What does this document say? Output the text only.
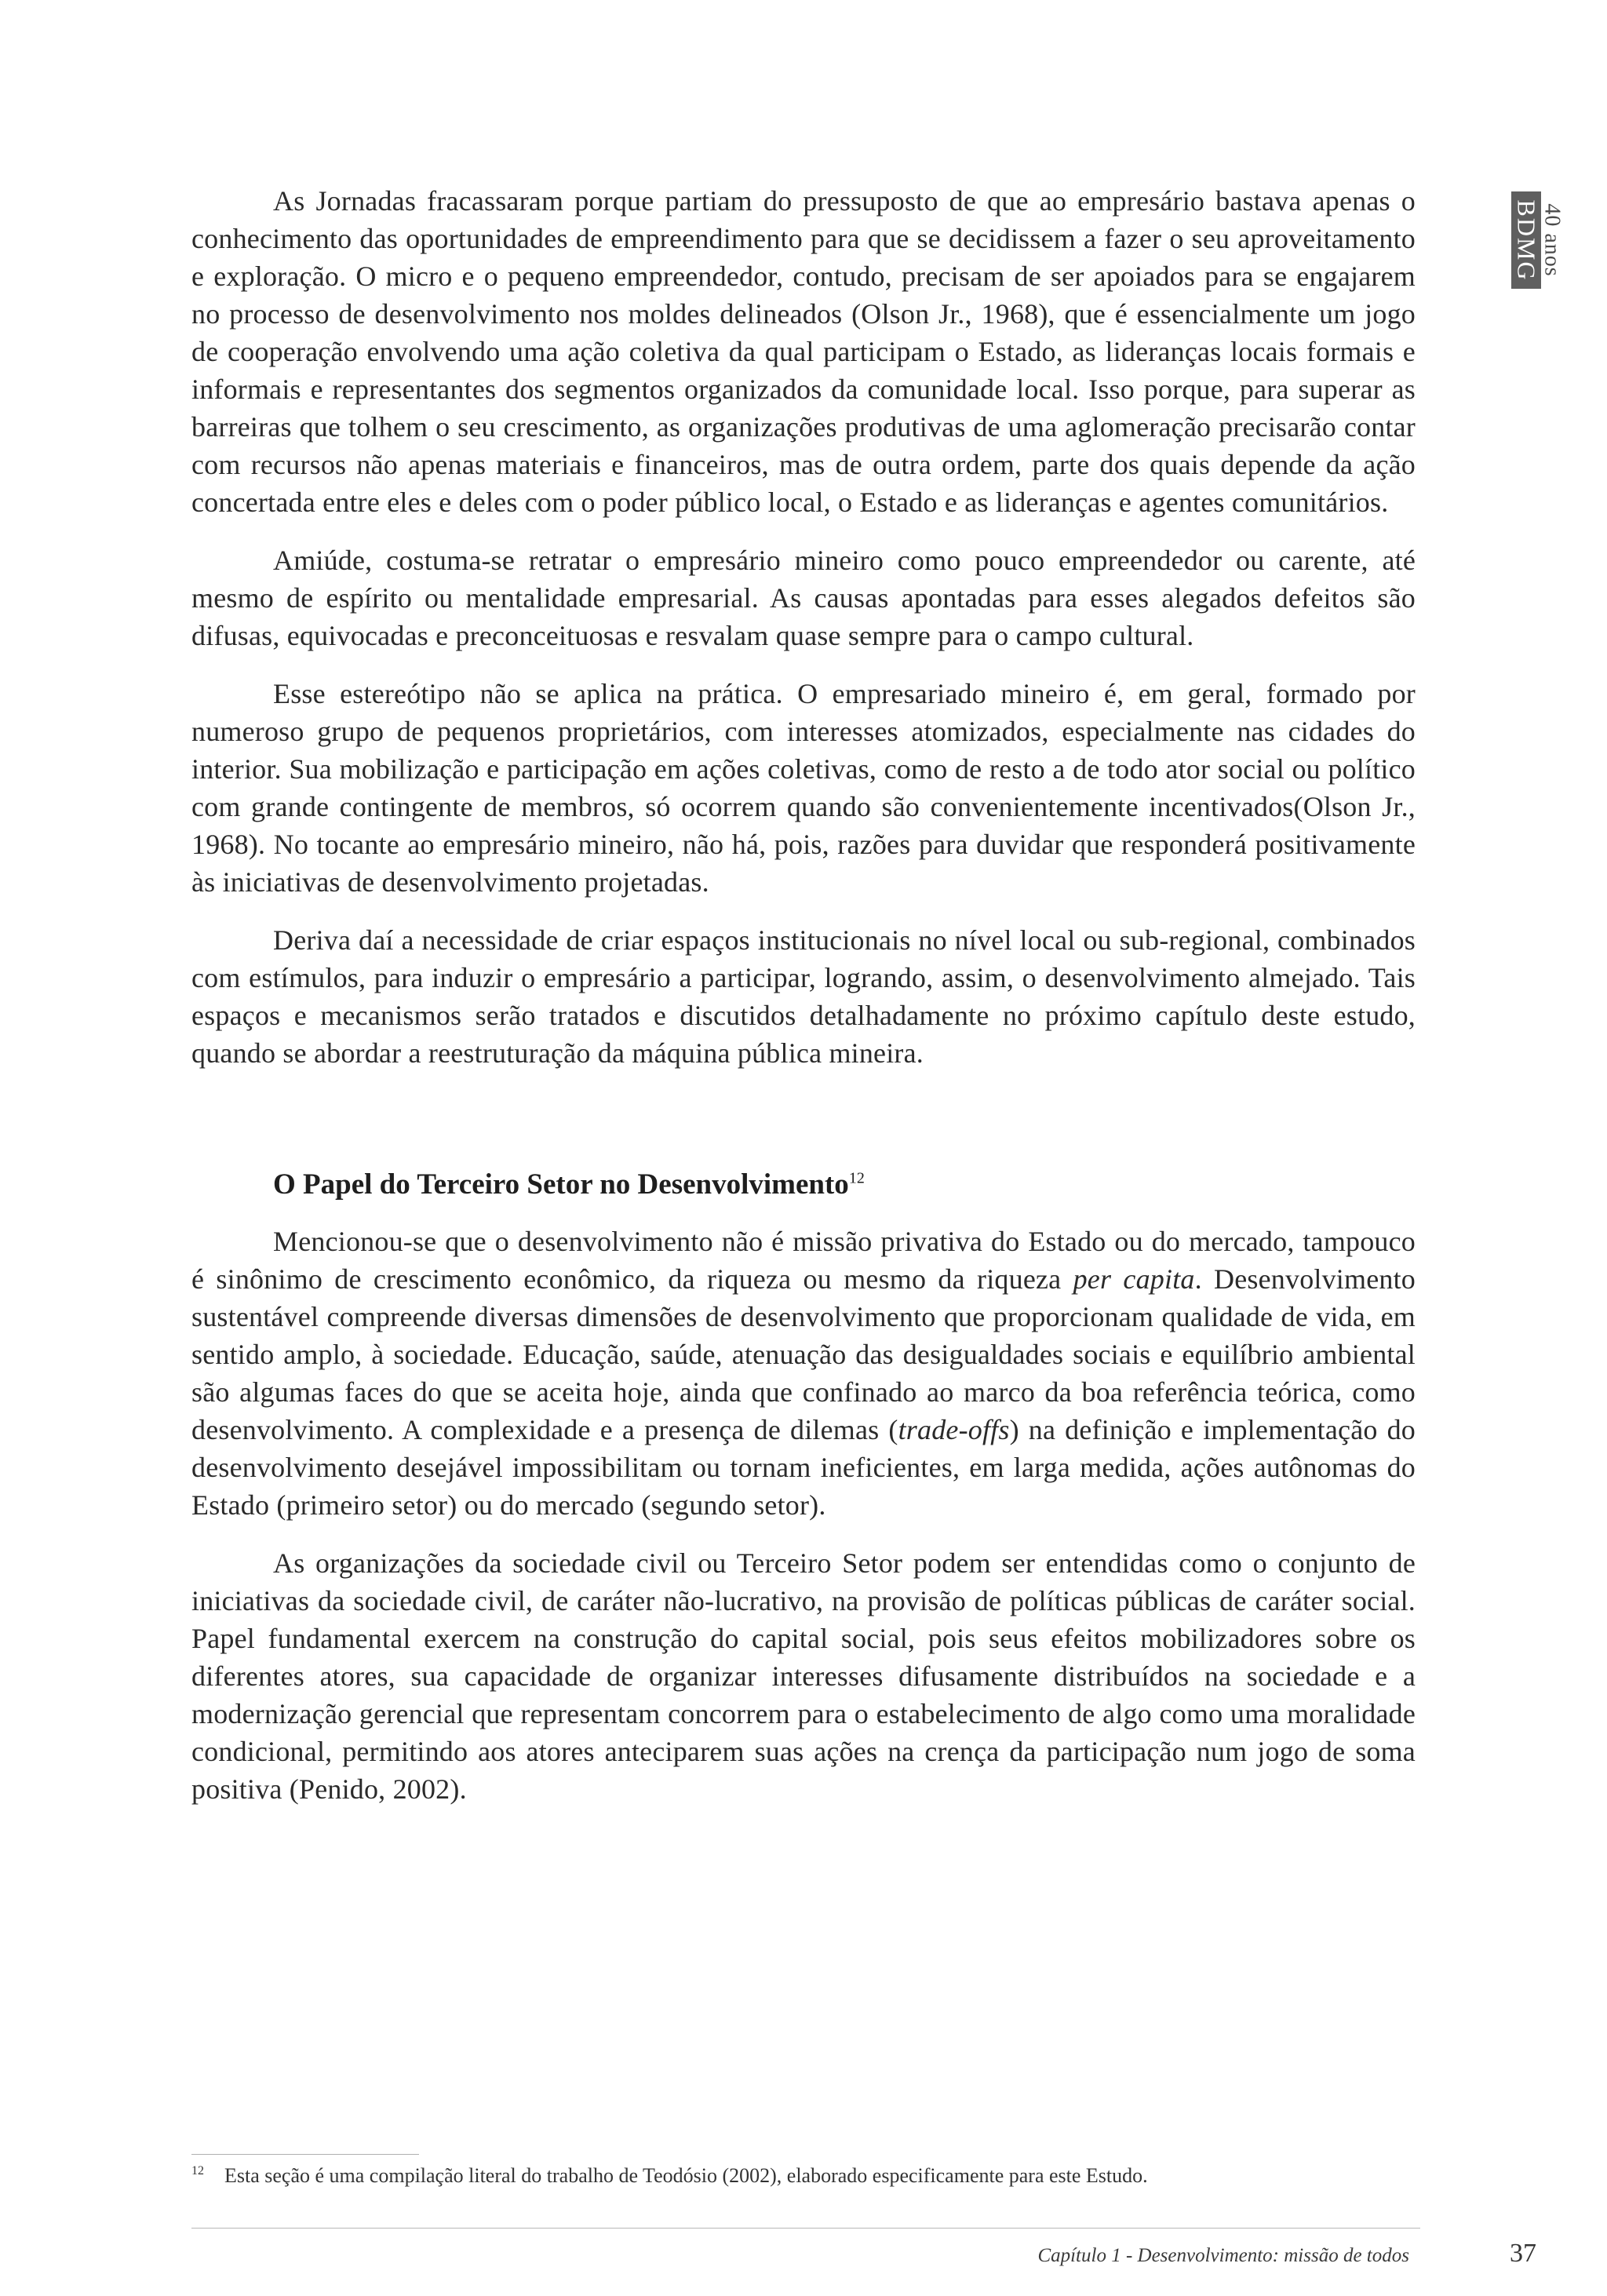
BDMG 40 anos

As Jornadas fracassaram porque partiam do pressuposto de que ao empresário bastava apenas o conhecimento das oportunidades de empreendimento para que se decidissem a fazer o seu aproveitamento e exploração. O micro e o pequeno empreendedor, contudo, precisam de ser apoiados para se engajarem no processo de desenvolvimento nos moldes delineados (Olson Jr., 1968), que é essencialmente um jogo de cooperação envolvendo uma ação coletiva da qual participam o Estado, as lideranças locais formais e informais e representantes dos segmentos organizados da comunidade local. Isso porque, para superar as barreiras que tolhem o seu crescimento, as organizações produtivas de uma aglomeração precisarão contar com recursos não apenas materiais e financeiros, mas de outra ordem, parte dos quais depende da ação concertada entre eles e deles com o poder público local, o Estado e as lideranças e agentes comunitários.

Amiúde, costuma-se retratar o empresário mineiro como pouco empreendedor ou carente, até mesmo de espírito ou mentalidade empresarial. As causas apontadas para esses alegados defeitos são difusas, equivocadas e preconceituosas e resvalam quase sempre para o campo cultural.

Esse estereótipo não se aplica na prática. O empresariado mineiro é, em geral, formado por numeroso grupo de pequenos proprietários, com interesses atomizados, especialmente nas cidades do interior. Sua mobilização e participação em ações coletivas, como de resto a de todo ator social ou político com grande contingente de membros, só ocorrem quando são convenientemente incentivados(Olson Jr., 1968). No tocante ao empresário mineiro, não há, pois, razões para duvidar que responderá positivamente às iniciativas de desenvolvimento projetadas.

Deriva daí a necessidade de criar espaços institucionais no nível local ou sub-regional, combinados com estímulos, para induzir o empresário a participar, logrando, assim, o desenvolvimento almejado. Tais espaços e mecanismos serão tratados e discutidos detalhadamente no próximo capítulo deste estudo, quando se abordar a reestruturação da máquina pública mineira.

O Papel do Terceiro Setor no Desenvolvimento$^{12}$

Mencionou-se que o desenvolvimento não é missão privativa do Estado ou do mercado, tampouco é sinônimo de crescimento econômico, da riqueza ou mesmo da riqueza per capita. Desenvolvimento sustentável compreende diversas dimensões de desenvolvimento que proporcionam qualidade de vida, em sentido amplo, à sociedade. Educação, saúde, atenuação das desigualdades sociais e equilíbrio ambiental são algumas faces do que se aceita hoje, ainda que confinado ao marco da boa referência teórica, como desenvolvimento. A complexidade e a presença de dilemas (trade-offs) na definição e implementação do desenvolvimento desejável impossibilitam ou tornam ineficientes, em larga medida, ações autônomas do Estado (primeiro setor) ou do mercado (segundo setor).

As organizações da sociedade civil ou Terceiro Setor podem ser entendidas como o conjunto de iniciativas da sociedade civil, de caráter não-lucrativo, na provisão de políticas públicas de caráter social. Papel fundamental exercem na construção do capital social, pois seus efeitos mobilizadores sobre os diferentes atores, sua capacidade de organizar interesses difusamente distribuídos na sociedade e a modernização gerencial que representam concorrem para o estabelecimento de algo como uma moralidade condicional, permitindo aos atores anteciparem suas ações na crença da participação num jogo de soma positiva (Penido, 2002).

$^{12}$ Esta seção é uma compilação literal do trabalho de Teodósio (2002), elaborado especificamente para este Estudo.
Capítulo 1 - Desenvolvimento: missão de todos	37
